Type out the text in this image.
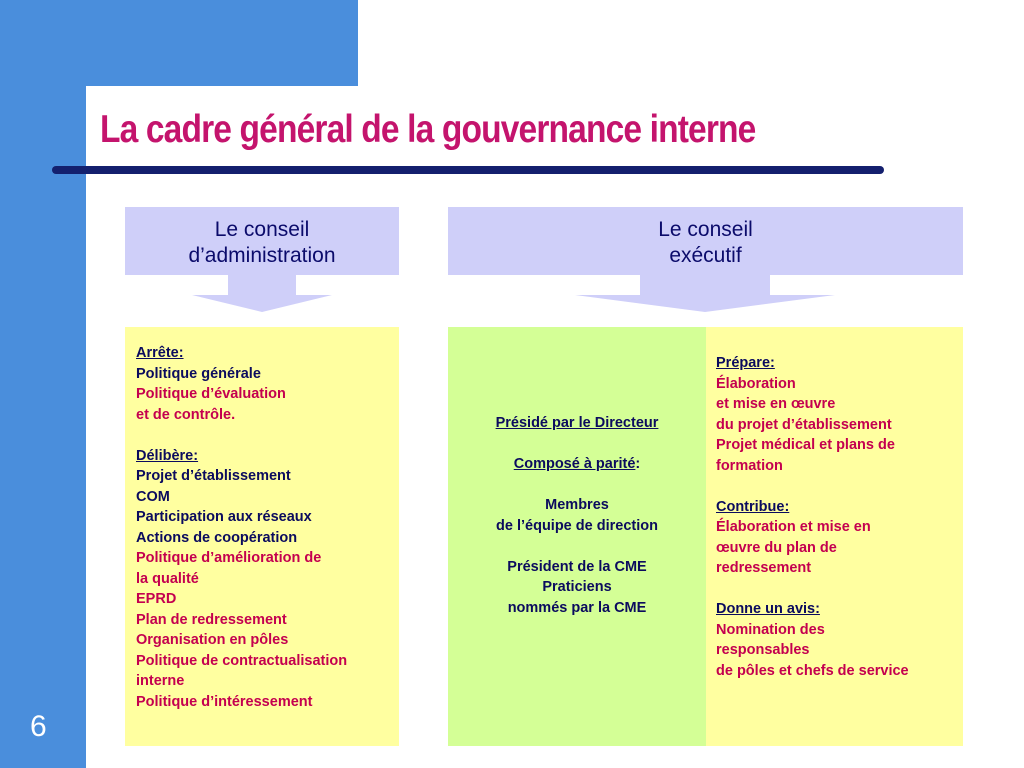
La cadre général de la gouvernance interne
6
Le conseil
d’administration
Le conseil
exécutif
Arrête:
Politique générale
Politique d’évaluation
et de contrôle.
Délibère:
Projet d’établissement
COM
Participation aux réseaux
Actions de coopération
Politique d’amélioration de
la qualité
EPRD
Plan de redressement
Organisation en pôles
Politique de contractualisation
interne
Politique d’intéressement
Présidé par le Directeur
Composé à parité:
Membres
de l’équipe de direction
Président de la CME
Praticiens
nommés par la CME
Prépare:
Élaboration
et mise en œuvre
du projet d’établissement
Projet médical et plans de
formation
Contribue:
Élaboration et mise en
œuvre du plan de
redressement
Donne un avis:
Nomination des
responsables
de pôles et chefs de service
